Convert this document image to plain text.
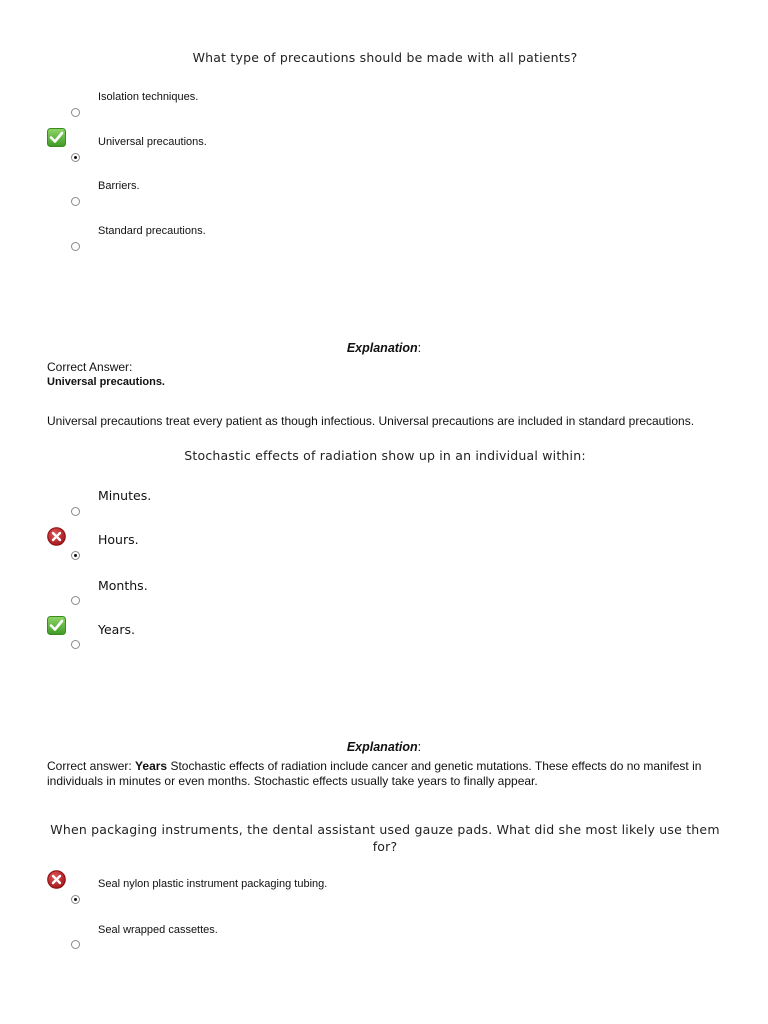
What type of precautions should be made with all patients?
Isolation techniques.
Universal precautions.
Barriers.
Standard precautions.
Explanation:
Correct Answer:
Universal precautions.
Universal precautions treat every patient as though infectious. Universal precautions are included in standard precautions.
Stochastic effects of radiation show up in an individual within:
Minutes.
Hours.
Months.
Years.
Explanation:
Correct answer: Years Stochastic effects of radiation include cancer and genetic mutations. These effects do no manifest in individuals in minutes or even months. Stochastic effects usually take years to finally appear.
When packaging instruments, the dental assistant used gauze pads. What did she most likely use them for?
Seal nylon plastic instrument packaging tubing.
Seal wrapped cassettes.
